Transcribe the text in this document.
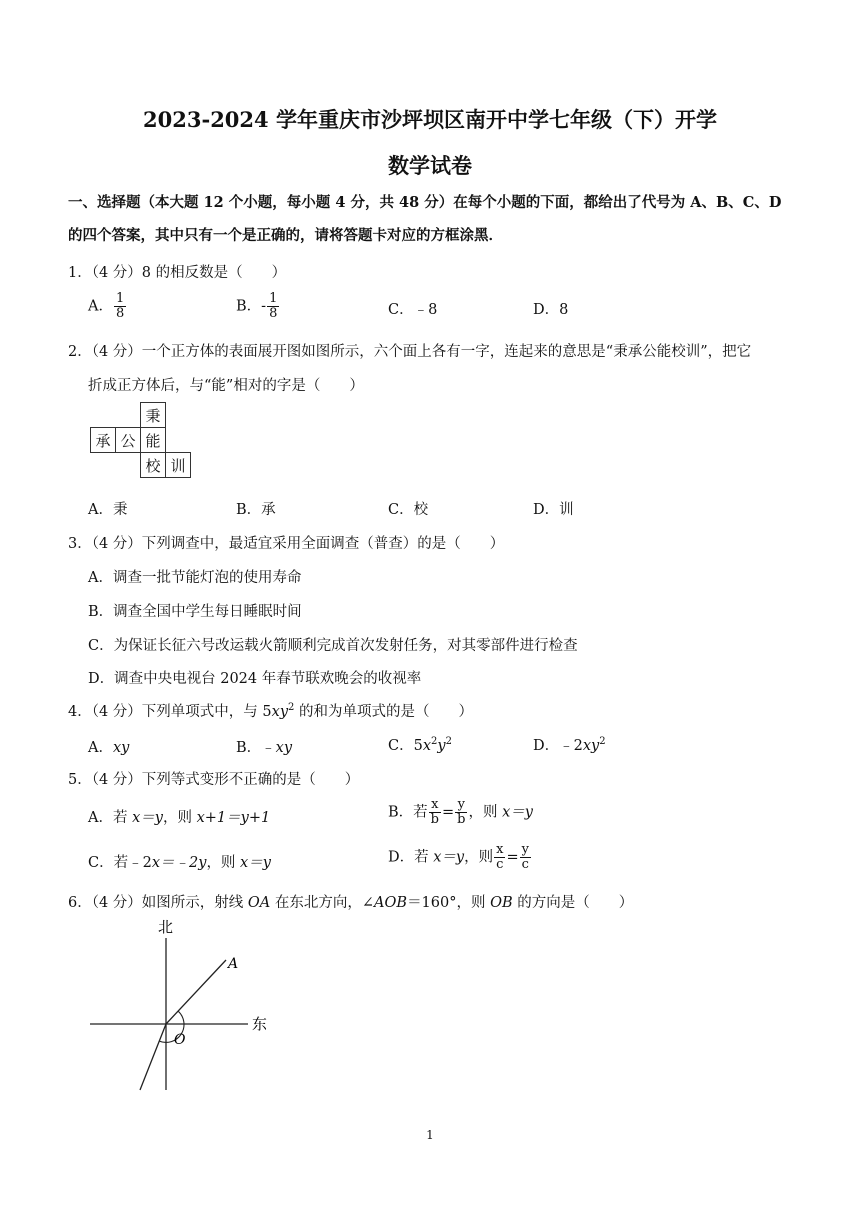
2023-2024 学年重庆市沙坪坝区南开中学七年级（下）开学
数学试卷
一、选择题（本大题 12 个小题，每小题 4 分，共 48 分）在每个小题的下面，都给出了代号为 A、B、C、D 的四个答案，其中只有一个是正确的，请将答题卡对应的方框涂黑．
1．（4 分）8 的相反数是（　　）
A． $\frac{1}{8}$	B．- $\frac{1}{8}$	C．﹣8	D．8
2．（4 分）一个正方体的表面展开图如图所示，六个面上各有一字，连起来的意思是“秉承公能校训”，把它
折成正方体后，与“能”相对的字是（　　）
		秉	
承	公	能	
		校	训
A．秉	B．承	C．校	D．训
3．（4 分）下列调查中，最适宜采用全面调查（普查）的是（　　）
A．调查一批节能灯泡的使用寿命
B．调查全国中学生每日睡眠时间
C．为保证长征六号改运载火箭顺利完成首次发射任务，对其零部件进行检查
D．调查中央电视台 2024 年春节联欢晚会的收视率
4．（4 分）下列单项式中，与 $5xy^2$ 的和为单项式的是（　　）
A．xy	B．﹣xy	C．$5x^2y^2$	D．$﹣2xy^2$
5．（4 分）下列等式变形不正确的是（　　）
A．若 x＝y，则 x+1＝y+1	B．若 $\frac{x}{b} = \frac{y}{b}$ ，则 x＝y
C．若﹣2x＝﹣2y，则 x＝y	D．若 x＝y，则 $\frac{x}{c} = \frac{y}{c}$
6．（4 分）如图所示，射线 OA 在东北方向，∠AOB＝160°，则 OB 的方向是（　　）
北
东
A
O
1
